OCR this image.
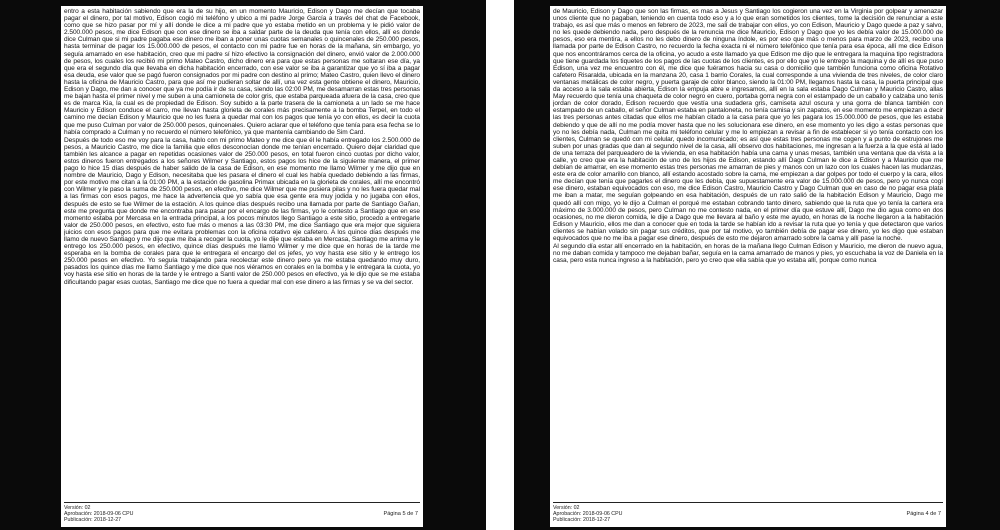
entro a esta habitación sabiendo que era la de su hijo, en un momento Mauricio, Edison y Dago me decían que tocaba pagar el dinero, por tal motivo, Edison cogió mi teléfono y ubico a mi padre Jorge García a través del chat de Facebook, como que se hizo pasar por mí y allí donde le dice a mi padre que yo estaba metido en un problema y le pidió valor de 2.500.000 pesos, me dice Edison que con ese dinero se iba a saldar parte de la deuda que tenía con ellos, allí es donde dice Culman que si mi padre pagaba ese dinero me iban a poner unas cuotas semanales o quincenales de 250.000 pesos, hasta terminar de pagar los 15.000.000 de pesos, el contacto con mi padre fue en horas de la mañana, sin embargo, yo seguía amarrado en ese habitación, creo que mi padre sí hizo efectivo la consignación del dinero, envió valor de 2.000.000 de pesos, los cuales los recibió mi primo Mateo Castro, dicho dinero era para que estas personas me soltaran ese día, ya que era el segundo día que llevaba en dicha habitación encerrado, con ese valor se iba a garantizar que yo sí iba a pagar esa deuda, ese valor que se pagó fueron consignados por mi padre con destino al primo; Mateo Castro, quien llevo el dinero hasta la oficina de Mauricio Castro, para que así me pudieran soltar de allí, una vez esta gente obtiene el dinero, Mauricio, Edison y Dago, me dan a conocer que ya me podía ir de su casa, siendo las 02:00 PM, me desamarran estas tres personas me bajan hasta el primer nivel y me suben a una camioneta de color gris, que estaba parqueada afuera de la casa, creo que es de marca Kia, la cual es de propiedad de Edison. Soy subido a la parte trasera de la camioneta a un lado se me hace Mauricio y Edison conduce el carro, me llevan hasta glorieta de corales más precisamente a la bomba Terpel, en todo el camino me decían Edison y Mauricio que no les fuera a quedar mal con los pagos que tenía yo con ellos, es decir la cuota que me puso Culman por valor de 250.000 pesos, quincenales. Quiero aclarar que el teléfono que tenía para esa fecha se lo había comprado a Culman y no recuerdo el número telefónico, ya que mantenía cambiando de Sim Card.

Después de todo eso me voy para la casa, hablo con mi primo Mateo y me dice que él le había entregado los 2.500.000 de pesos, a Mauricio Castro, me dice la familia que ellos desconocían donde me tenían encerrado. Quiero dejar claridad que también les alcance a pagar en repetidas ocasiones valor de 250.000 pesos, en total fueron cinco cuotas por dicho valor, estos dineros fueron entregados a los señores Wilmer y Santiago, estos pagos los hice de la siguiente manera, el primer pago lo hice 15 días después de haber salido de la casa de Edison, en ese momento me llamo Wilmer y me dijo que en nombre de Mauricio, Dago y Edison, necesitaba que les pasara el dinero el cual les había quedado debiendo a las firmas, por este motivo me citan a la 01:00 PM, a la estación de gasolina Primax ubicada en la glorieta de corales, allí me encontró con Wilmer y le paso la suma de 250.000 pesos, en efectivo, me dice Wilmer que me pusiera pilas y no les fuera quedar mal a las firmas con esos pagos, me hace la advertencia que yo sabía que esa gente era muy jodida y no jugaba con ellos, después de esto se fue Wilmer de la estación. A los quince días después recibo una llamada por parte de Santiago Gañan, este me pregunta que donde me encontraba para pasar por el encargo de las firmas, yo le contesto a Santiago que en ese momento estaba por Mercasa en la entrada principal, a los pocos minutos llego Santiago a este sitio, procedo a entregarle valor de 250.000 pesos, en efectivo, esto fue más o menos a las 03:30 PM, me dice Santiago que era mejor que siguiera juicios con esos pagos para que me evitara problemas con la oficina rotativo eje cafetero. A los quince días después me llamo de nuevo Santiago y me dijo que me iba a recoger la cuota, yo le dije que estaba en Mercasa, Santiago me arrima y le entrego los 250.000 pesos, en efectivo, quince días después me llamo Wilmer y me dice que en horas de la tarde me esperaba en la bomba de corales para que le entregara el encargo del os jefes, yo voy hasta ese sitio y le entrego los 250.000 pesos en efectivo. Yo seguía trabajando para recolectar este dinero pero ya me estaba quedando muy duro, pasados los quince días me llamo Santiago y me dice que nos viéramos en corales en la bomba y le entregara la cuota, yo voy hasta ese sitio en horas de la tarde y le entrego a Santi valor de 250.000 pesos en efectivo, ya le dijo que se me estaba dificultando pagar esas cuotas, Santiago me dice que no fuera a quedar mal con ese dinero a las firmas y se va del sector.

Versión: 02
Aprobación: 2018-09-06 CPU
Publicación: 2018-12-27
Página 5 de 7

de Mauricio, Edison y Dago que son las firmas, es mas a Jesus y Santiago los cogieron una vez en la Virginia por golpear y amenazar unos cliente que no pagaban, teniendo en cuenta todo eso y a lo que eran sometidos los clientes, tome la decisión de renunciar a este trabajo, es así que más o menos en febrero de 2023, me salí de trabajar con ellos, yo con Edison, Mauricio y Dago quede a paz y salvo, no les quede debiendo nada, pero después de la renuncia me dice Mauricio, Edison y Dago que yo les debía valor de 15.000.000 de pesos, eso era mentira, a ellos no les debo dinero de ninguna índole, es por eso que más o menos para marzo de 2023, recibo una llamada por parte de Edison Castro, no recuerdo la fecha exacta ni el número telefónico que tenía para esa época, allí me dice Edison que nos encontráramos cerca de la oficina, yo acudo a este llamado ya que Edison me dijo que le entregara la maquina tipo registradora que tiene guardada los tiquetes de los pagos de las cuotas de los clientes, es por ello que yo le entrego la maquina y de allí es que puso Edison, una vez me encuentro con él, me dice que fuéramos hacia su casa o domicilio que también funciona como oficina Rotativo cafetero Risaralda, ubicada en la manzana 20, casa 1 barrio Corales, la cual corresponde a una vivienda de tres niveles, de color claro ventanas metálicas de color negro, y puerta garaje de color blanco, siendo la 01:00 PM, llegamos hasta la casa, la puerta principal que da acceso a la sala estaba abierta, Edison la empuja abre e ingresamos, allí en la sala estaba Dago Culman y Mauricio Castro, allas May recuerdo que tenía una chaqueta de color negro en cuero, portaba gorra negra con el estampado de un caballo y calzaba uno tenis jordan de color dorado, Edison recuerdo que vestía una sudadera gris, camiseta azul oscura y una gorra de blanca también con estampado de un caballo, el señor Culman estaba en pantaloneta, no tenía camisa y sin zapatos, en ese momento me empiezan a decir las tres personas antes citadas que ellos me habían citado a la casa para que yo les pagara los 15.000.000 de pesos, que les estaba debiendo y que de allí no me podía mover hasta que no les solucionara ese dinero, en ese momento yo les digo a estas personas que yo no les debía nada, Culman me quita mi teléfono celular y me lo empiezan a revisar a fin de establecer si yo tenía contacto con los clientes, Culman se quedó con mi celular, quedo incomunicado; es así que estas tres personas me cogen y a punto de estrujones me suben por unas gradas que dan al segundo nivel de la casa, allí observo dos habitaciones, me ingresan a la fuerza a la que está al lado de una terraza del parqueadero de la vivienda, en esa habitación había una cama y unas mesas, también una ventana que da vista a la calle, yo creo que era la habitación de uno de los hijos de Edison, estando allí Dago Culman le dice a Edison y a Mauricio que me debían de amarrar, en ese momento estas tres personas me amarran de pies y manos con un lazo con los cuales hacen las mudanzas, este era de color amarillo con blanco, allí estando acostado sobre la cama, me empiezan a dar golpes por todo el cuerpo y la cara, ellos me decían que tenía que pagarles el dinero que les debía, que supuestamente era valor de 15.000.000 de pesos, pero yo nunca cogí ese dinero, estaban equivocados con eso, me dice Edison Castro, Mauricio Castro y Dago Culman que en caso de no pagar esa plata me iban a matar, me seguían golpeando en esa habitación, después de un rato salió de la habitación Edison y Mauricio, Dago me quedó allí con migo, yo le dijo a Culman el porqué me estaban cobrando tanto dinero, sabiendo que la ruta que yo tenía la cartera era máximo de 3.000.000 de pesos, pero Culman no me contesto nada, en el primer día que estuve allí, Dago me dio agua como en dos ocasiones, no me dieron comida, le dije a Dago que me llevara al baño y este me ayudo, en horas de la noche llegaron a la habitación Edison y Mauricio, ellos me dan a conocer que en toda la tarde se habían ido a revisar la ruta que yo tenía y que detectaron que varios clientes se habían volado sin pagar sus créditos, que por tal motivo, yo también debía de pagar ese dinero, yo les digo que estaban equivocados que no me iba a pagar ese dinero, después de esto me dejaron amarrado sobre la cama y allí pase la noche.

Al segundo día estar allí encerrado en la habitación, en horas de la mañana llego Culman Edison y Mauricio, me dieron de nuevo agua, no me daban comida y tampoco me dejaban bañar, seguía en la cama amarrado de manos y pies, yo escuchaba la voz de Daniela en la casa, pero esta nunca ingreso a la habitación, pero yo creo que ella sabía que yo estaba allí, porque como nunca

Versión: 02
Aprobación: 2018-09-06 CPU
Publicación: 2018-12-27
Página 4 de 7
